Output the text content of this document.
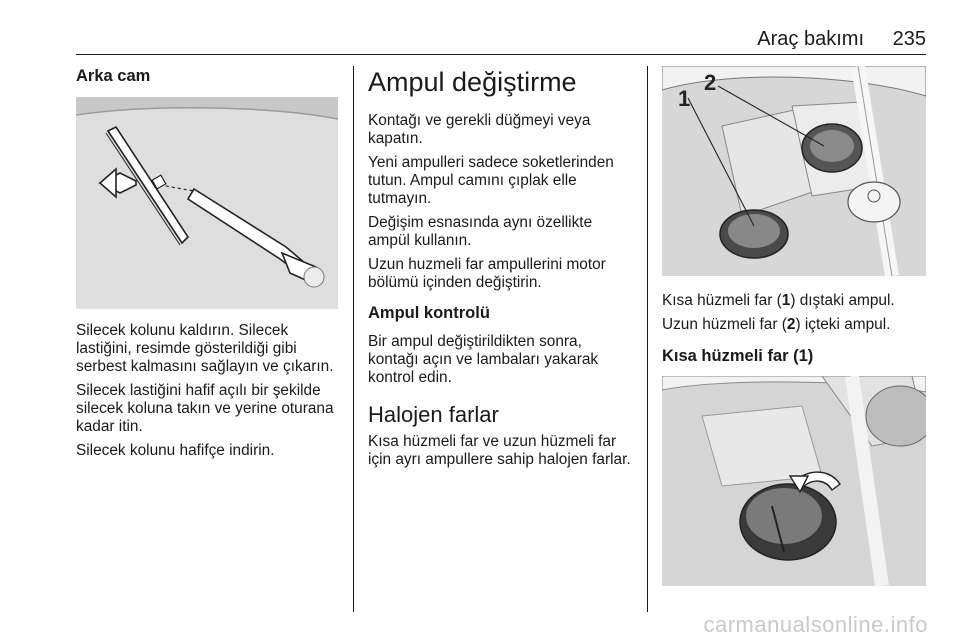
Araç bakımı 235
Arka cam

Silecek kolunu kaldırın. Silecek lastiğini, resimde gösterildiği gibi serbest kalmasını sağlayın ve çıkarın.

Silecek lastiğini hafif açılı bir şekilde silecek koluna takın ve yerine oturana kadar itin.

Silecek kolunu hafifçe indirin.

Ampul değiştirme

Kontağı ve gerekli düğmeyi veya kapatın.

Yeni ampulleri sadece soketlerinden tutun. Ampul camını çıplak elle tutmayın.

Değişim esnasında aynı özellikte ampül kullanın.

Uzun huzmeli far ampullerini motor bölümü içinden değiştirin.

Ampul kontrolü

Bir ampul değiştirildikten sonra, kontağı açın ve lambaları yakarak kontrol edin.

Halojen farlar

Kısa hüzmeli far ve uzun hüzmeli far için ayrı ampullere sahip halojen farlar.

1
2

Kısa hüzmeli far (1) dıştaki ampul.

Uzun hüzmeli far (2) içteki ampul.

Kısa hüzmeli far (1)
carmanualsonline.info
